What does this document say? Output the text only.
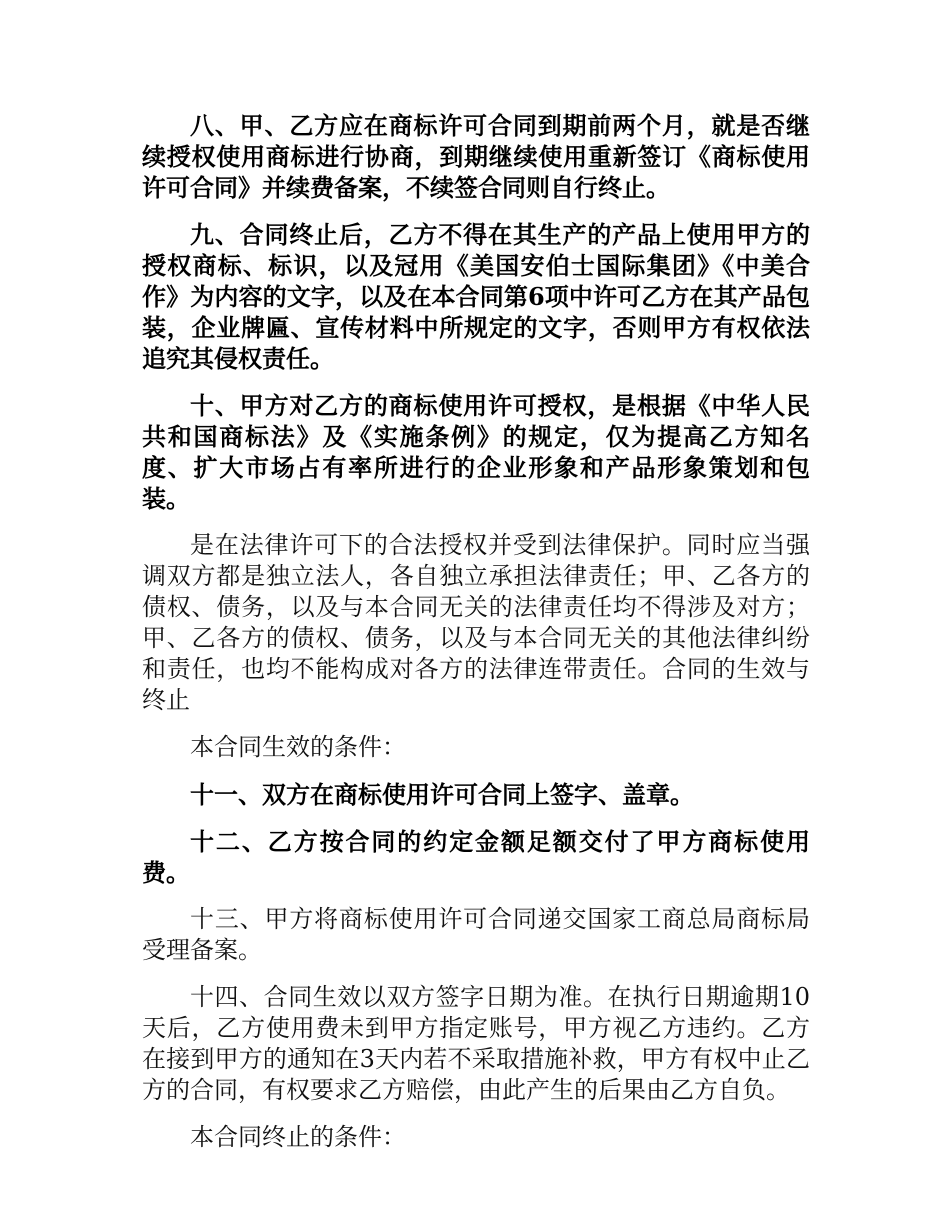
八、甲、乙方应在商标许可合同到期前两个月，就是否继续授权使用商标进行协商，到期继续使用重新签订《商标使用许可合同》并续费备案，不续签合同则自行终止。

九、合同终止后，乙方不得在其生产的产品上使用甲方的授权商标、标识，以及冠用《美国安伯士国际集团》《中美合作》为内容的文字，以及在本合同第6项中许可乙方在其产品包装，企业牌匾、宣传材料中所规定的文字，否则甲方有权依法追究其侵权责任。

十、甲方对乙方的商标使用许可授权，是根据《中华人民共和国商标法》及《实施条例》的规定，仅为提高乙方知名度、扩大市场占有率所进行的企业形象和产品形象策划和包装。

是在法律许可下的合法授权并受到法律保护。同时应当强调双方都是独立法人，各自独立承担法律责任；甲、乙各方的债权、债务，以及与本合同无关的法律责任均不得涉及对方；甲、乙各方的债权、债务，以及与本合同无关的其他法律纠纷和责任，也均不能构成对各方的法律连带责任。合同的生效与终止

本合同生效的条件：

十一、双方在商标使用许可合同上签字、盖章。

十二、乙方按合同的约定金额足额交付了甲方商标使用费。

十三、甲方将商标使用许可合同递交国家工商总局商标局受理备案。

十四、合同生效以双方签字日期为准。在执行日期逾期10天后，乙方使用费未到甲方指定账号，甲方视乙方违约。乙方在接到甲方的通知在3天内若不采取措施补救，甲方有权中止乙方的合同，有权要求乙方赔偿，由此产生的后果由乙方自负。

本合同终止的条件：
